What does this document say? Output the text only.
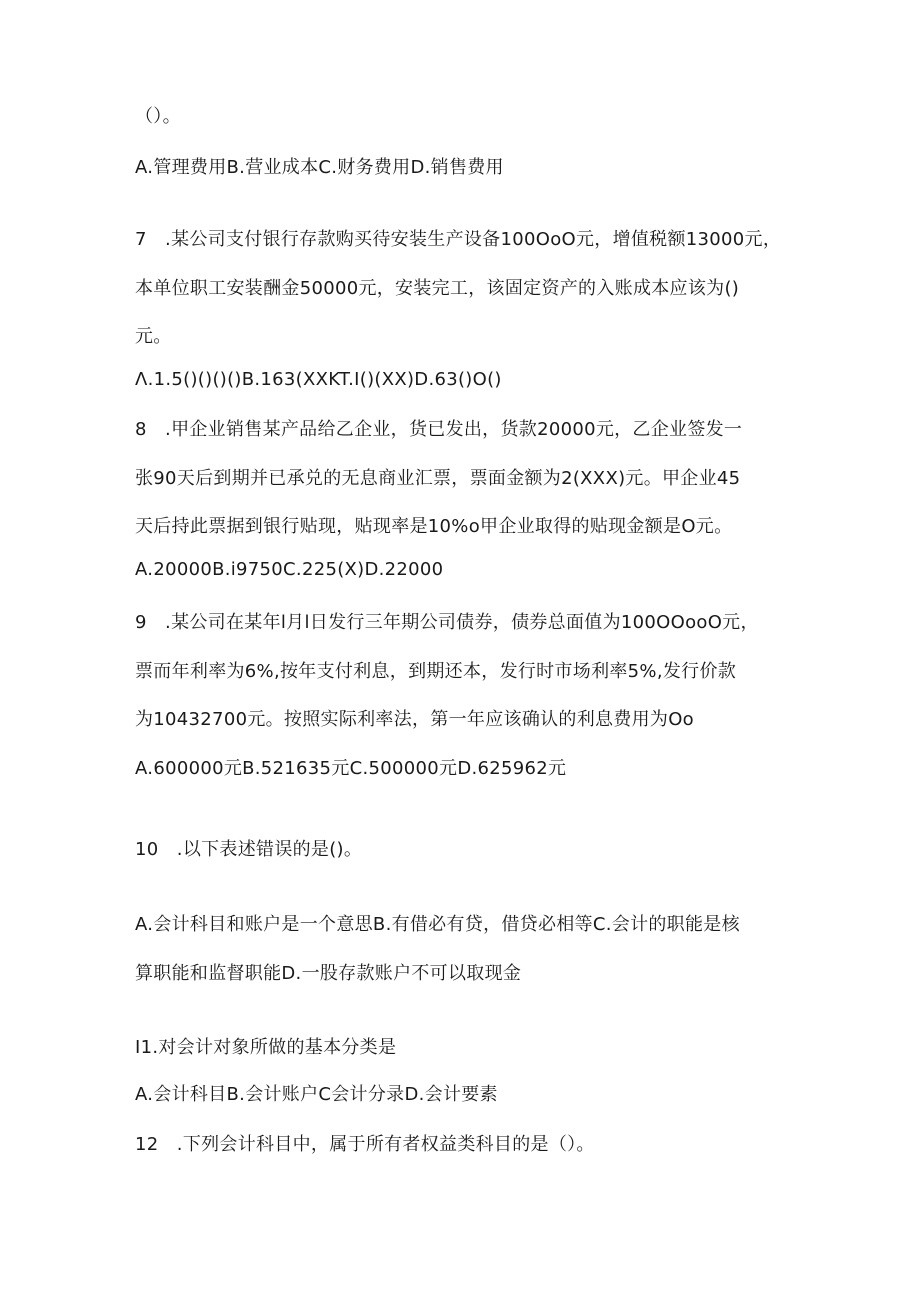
（）。
A.管理费用B.营业成本C.财务费用D.销售费用
7　.某公司支付银行存款购买待安装生产设备100OoO元，增值税额13000元，
本单位职工安装酬金50000元，安装完工，该固定资产的入账成本应该为()
元。
Λ.1.5()()()()B.163(XXKT.I()(XX)D.63()O()
8　.甲企业销售某产品给乙企业，货已发出，货款20000元，乙企业签发一
张90天后到期并已承兑的无息商业汇票，票面金额为2(XXX)元。甲企业45
天后持此票据到银行贴现，贴现率是10%o甲企业取得的贴现金额是O元。
A.20000B.i9750C.225(X)D.22000
9　.某公司在某年l月l日发行三年期公司债券，债券总面值为100OOooO元，
票而年利率为6%,按年支付利息，到期还本，发行时市场利率5%,发行价款
为10432700元。按照实际利率法，第一年应该确认的利息费用为Oo
A.600000元B.521635元C.500000元D.625962元
10　.以下表述错误的是()。
A.会计科目和账户是一个意思B.有借必有贷，借贷必相等C.会计的职能是核
算职能和监督职能D.一股存款账户不可以取现金
I1.对会计对象所做的基本分类是
A.会计科目B.会计账户C会计分录D.会计要素
12　.下列会计科目中，属于所有者权益类科目的是（）。
